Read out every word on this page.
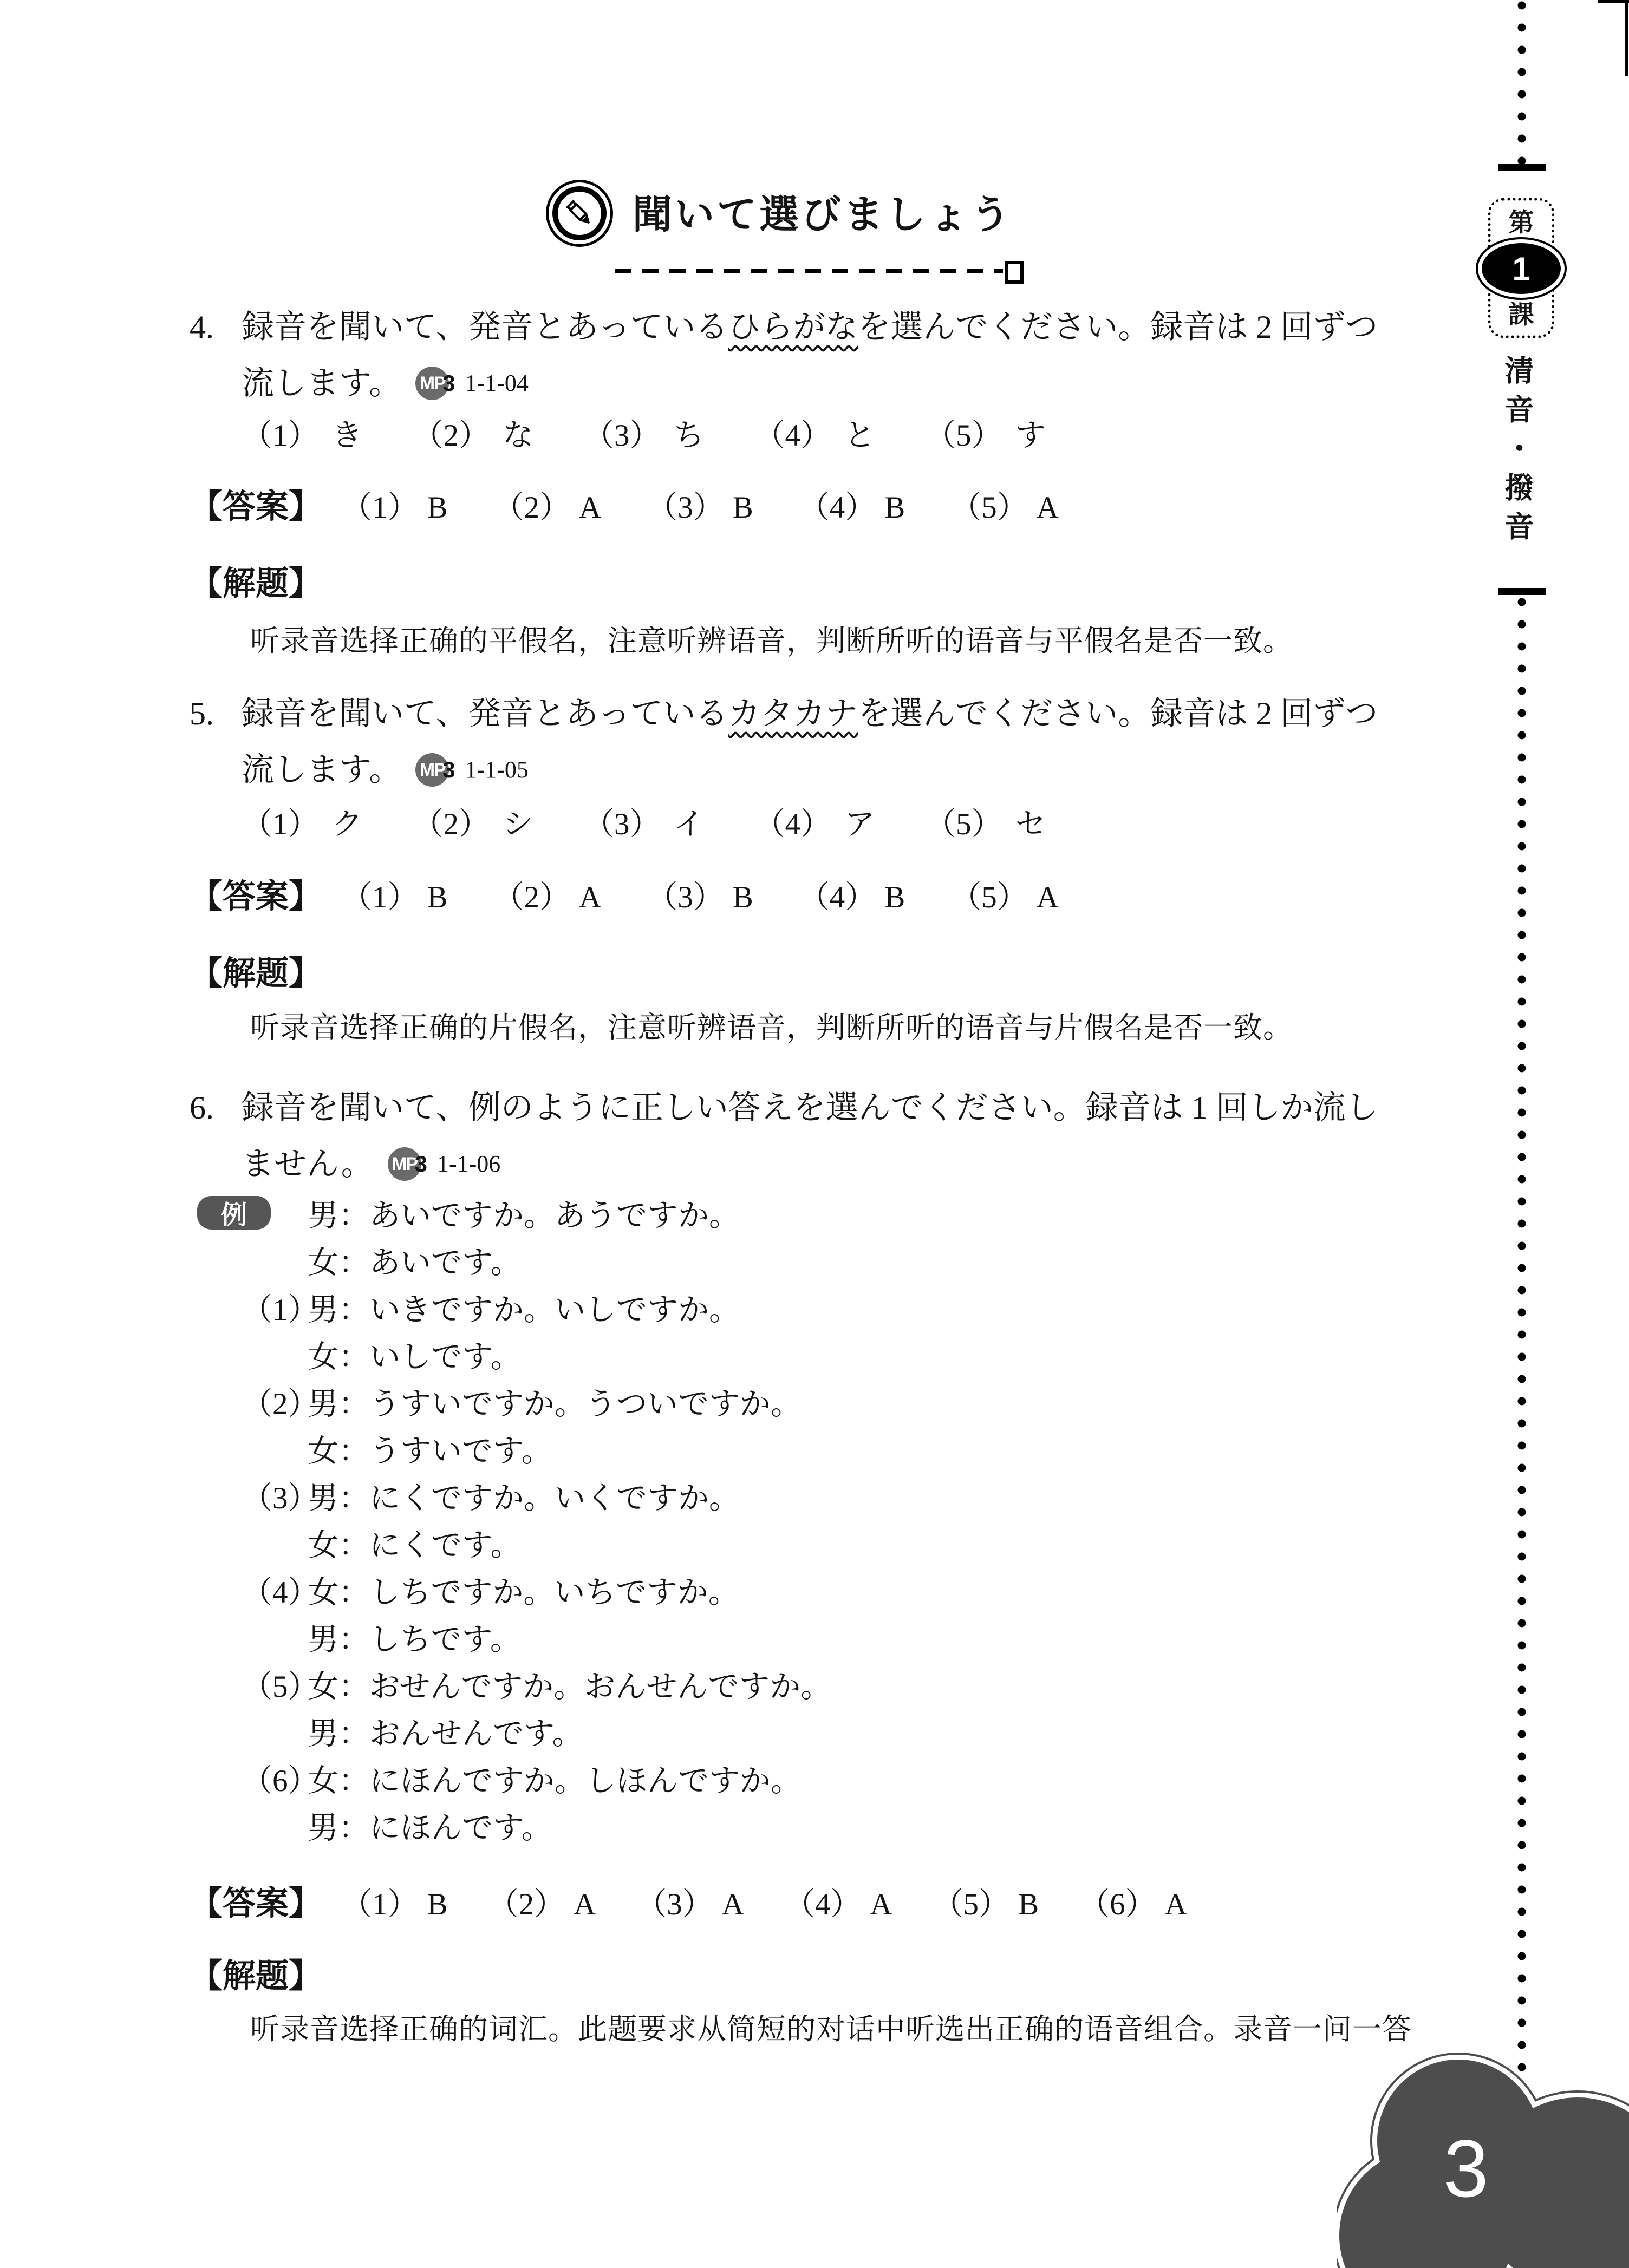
聞いて選びましょう
4. 録音を聞いて、発音とあっているひらがなを選んでください。録音は 2 回ずつ
流します。 MP
3 1-1-04
（1） き （2） な （3） ち （4） と （5） す
【答案】 （1） B （2） A （3） B （4） B （5） A
【解题】
听录音选择正确的平假名，注意听辨语音，判断所听的语音与平假名是否一致。
5. 録音を聞いて、発音とあっているカタカナを選んでください。録音は 2 回ずつ
流します。 MP
3 1-1-05
（1） ク （2） シ （3） イ （4） ア （5） セ
【答案】 （1） B （2） A （3） B （4） B （5） A
【解题】
听录音选择正确的片假名，注意听辨语音，判断所听的语音与片假名是否一致。
6. 録音を聞いて、例のように正しい答えを選んでください。録音は 1 回しか流し
ません。 MP
3 1-1-06
例	男：あいですか。あうですか。
女：あいです。
（1）
男：いきですか。いしですか。
女：いしです。
（2）
男：うすいですか。うついですか。
女：うすいです。
（3）
男：にくですか。いくですか。
女：にくです。
（4）
女：しちですか。いちですか。
男：しちです。
（5）
女：おせんですか。おんせんですか。
男：おんせんです。
（6）
女：にほんですか。しほんですか。
男：にほんです。
【答案】 （1） B （2） A （3） A （4） A （5） B （6） A
【解题】
听录音选择正确的词汇。此题要求从简短的对话中听选出正确的语音组合。录音一问一答
第
1
課
清音・撥音
3
